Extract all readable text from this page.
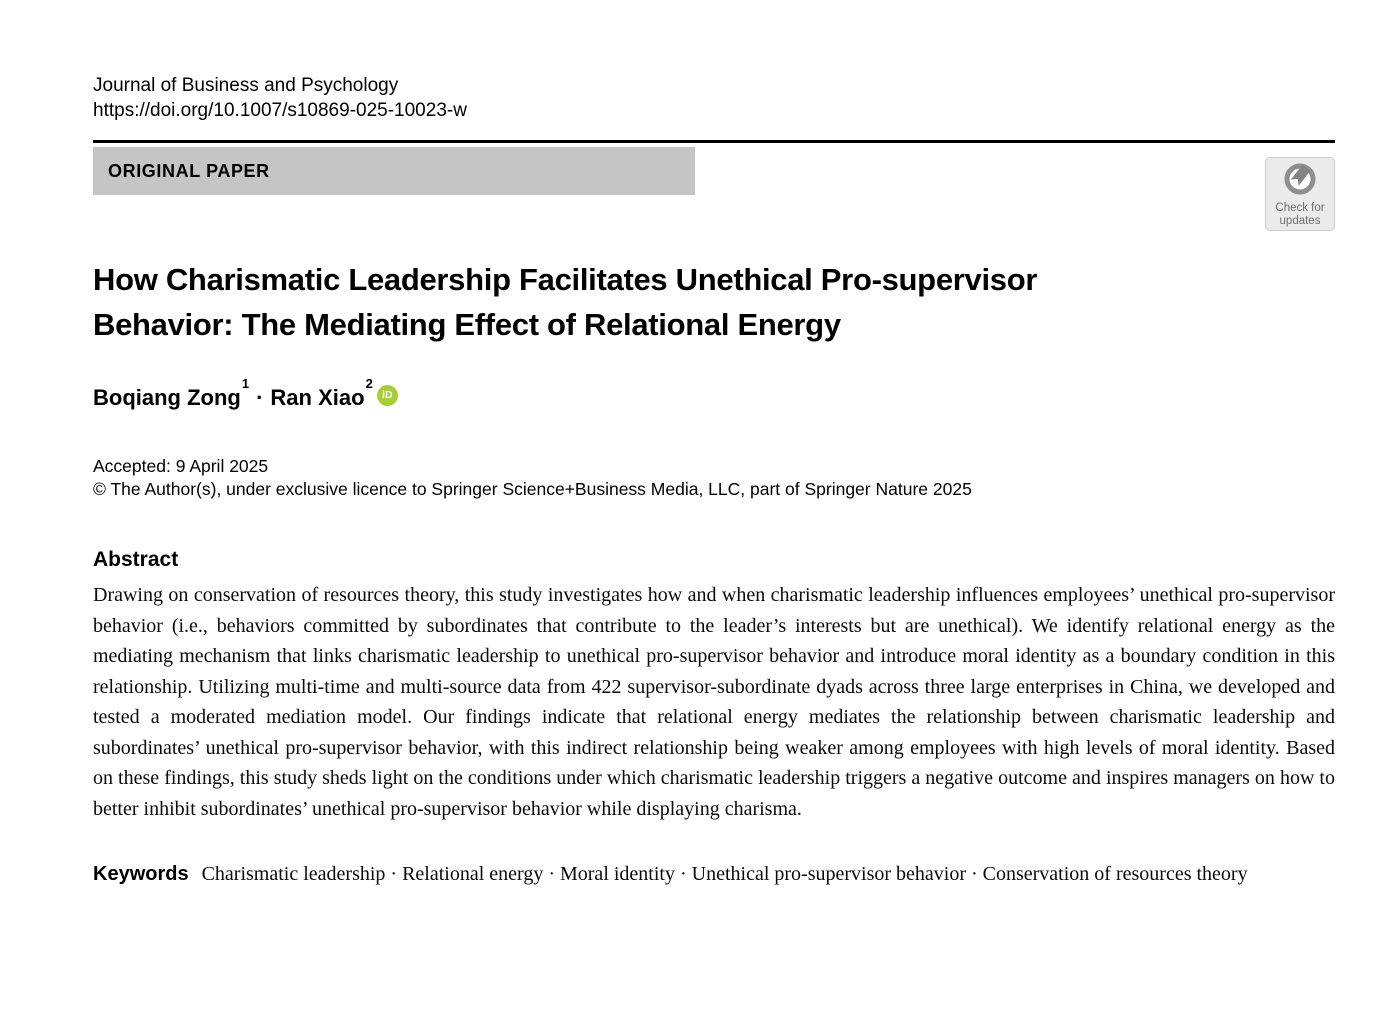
Journal of Business and Psychology
https://doi.org/10.1007/s10869-025-10023-w
ORIGINAL PAPER
Check for
updates
How Charismatic Leadership Facilitates Unethical Pro-supervisor
Behavior: The Mediating Effect of Relational Energy
Boqiang Zong$^1$· Ran Xiao$^2$iD
Accepted: 9 April 2025
© The Author(s), under exclusive licence to Springer Science+Business Media, LLC, part of Springer Nature 2025
Abstract
Drawing on conservation of resources theory, this study investigates how and when charismatic leadership influences employees’ unethical pro-supervisor behavior (i.e., behaviors committed by subordinates that contribute to the leader’s interests but are unethical). We identify relational energy as the mediating mechanism that links charismatic leadership to unethical pro-supervisor behavior and introduce moral identity as a boundary condition in this relationship. Utilizing multi-time and multi-source data from 422 supervisor-subordinate dyads across three large enterprises in China, we developed and tested a moderated mediation model. Our findings indicate that relational energy mediates the relationship between charismatic leadership and subordinates’ unethical pro-supervisor behavior, with this indirect relationship being weaker among employees with high levels of moral identity. Based on these findings, this study sheds light on the conditions under which charismatic leadership triggers a negative outcome and inspires managers on how to better inhibit subordinates’ unethical pro-supervisor behavior while displaying charisma.
Keywords Charismatic leadership · Relational energy · Moral identity · Unethical pro-supervisor behavior · Conservation of resources theory
